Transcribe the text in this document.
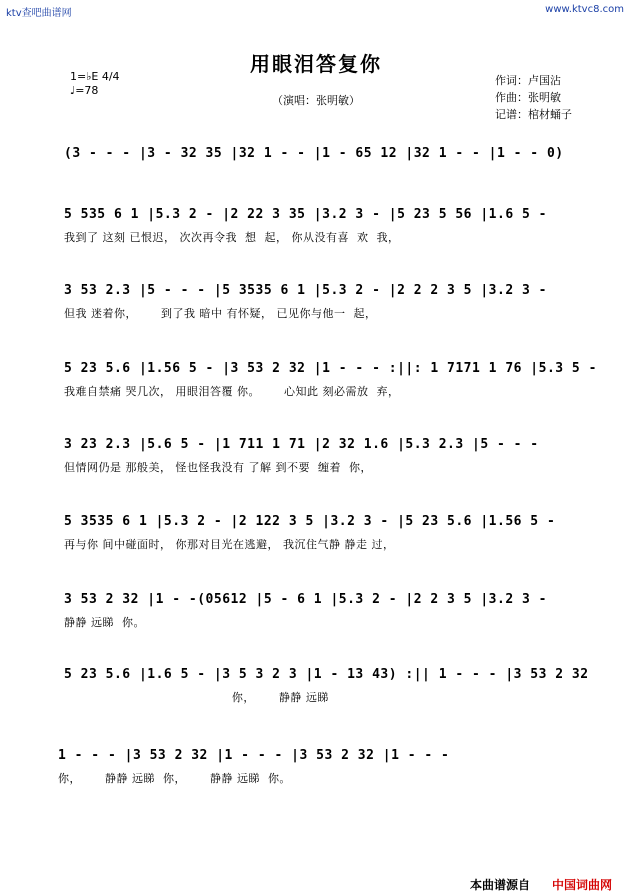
ktv查吧曲谱网	www.ktvc8.com
用眼泪答复你
（演唱：张明敏）
1=♭E 4/4
♩=78
作词：卢国沾
作曲：张明敏
记谱：棺材蛹子
(3 - - - |3 - 32 35 |32 1 - - |1 - 65 12 |32 1 - - |1 - - 0)
5 535 6 1 |5.3 2 - |2 22 3 35 |3.2 3 - |5 23 5 56 |1.6 5 -
我到了 这刻 已恨迟， 次次再令我  想  起， 你从没有喜  欢  我，
3 53 2.3 |5 - - - |5 3535 6 1 |5.3 2 - |2 2 2 3 5 |3.2 3 -
但我 迷着你，      到了我 暗中 有怀疑， 已见你与他一  起，
5 23 5.6 |1.56 5 - |3 53 2 32 |1 - - - :||: 1 7171 1 76 |5.3 5 -
我难自禁痛 哭几次， 用眼泪答覆 你。      心知此 刻必需放  弃，
3 23 2.3 |5.6 5 - |1 711 1 71 |2 32 1.6 |5.3 2.3 |5 - - -
但情网仍是 那般美， 怪也怪我没有 了解 到不要  缠着  你，
5 3535 6 1 |5.3 2 - |2 122 3 5 |3.2 3 - |5 23 5.6 |1.56 5 -
再与你 间中碰面时， 你那对目光在逃避， 我沉住气静 静走 过，
3 53 2 32 |1 - -(05612 |5 - 6 1 |5.3 2 - |2 2 3 5 |3.2 3 -
静静 远睇  你。
5 23 5.6 |1.6 5 - |3 5 3 2 3 |1 - 13 43) :|| 1 - - - |3 53 2 32
你，      静静 远睇
1 - - - |3 53 2 32 |1 - - - |3 53 2 32 |1 - - -
你，      静静 远睇  你，      静静 远睇  你。
本曲谱源自 中国词曲网
